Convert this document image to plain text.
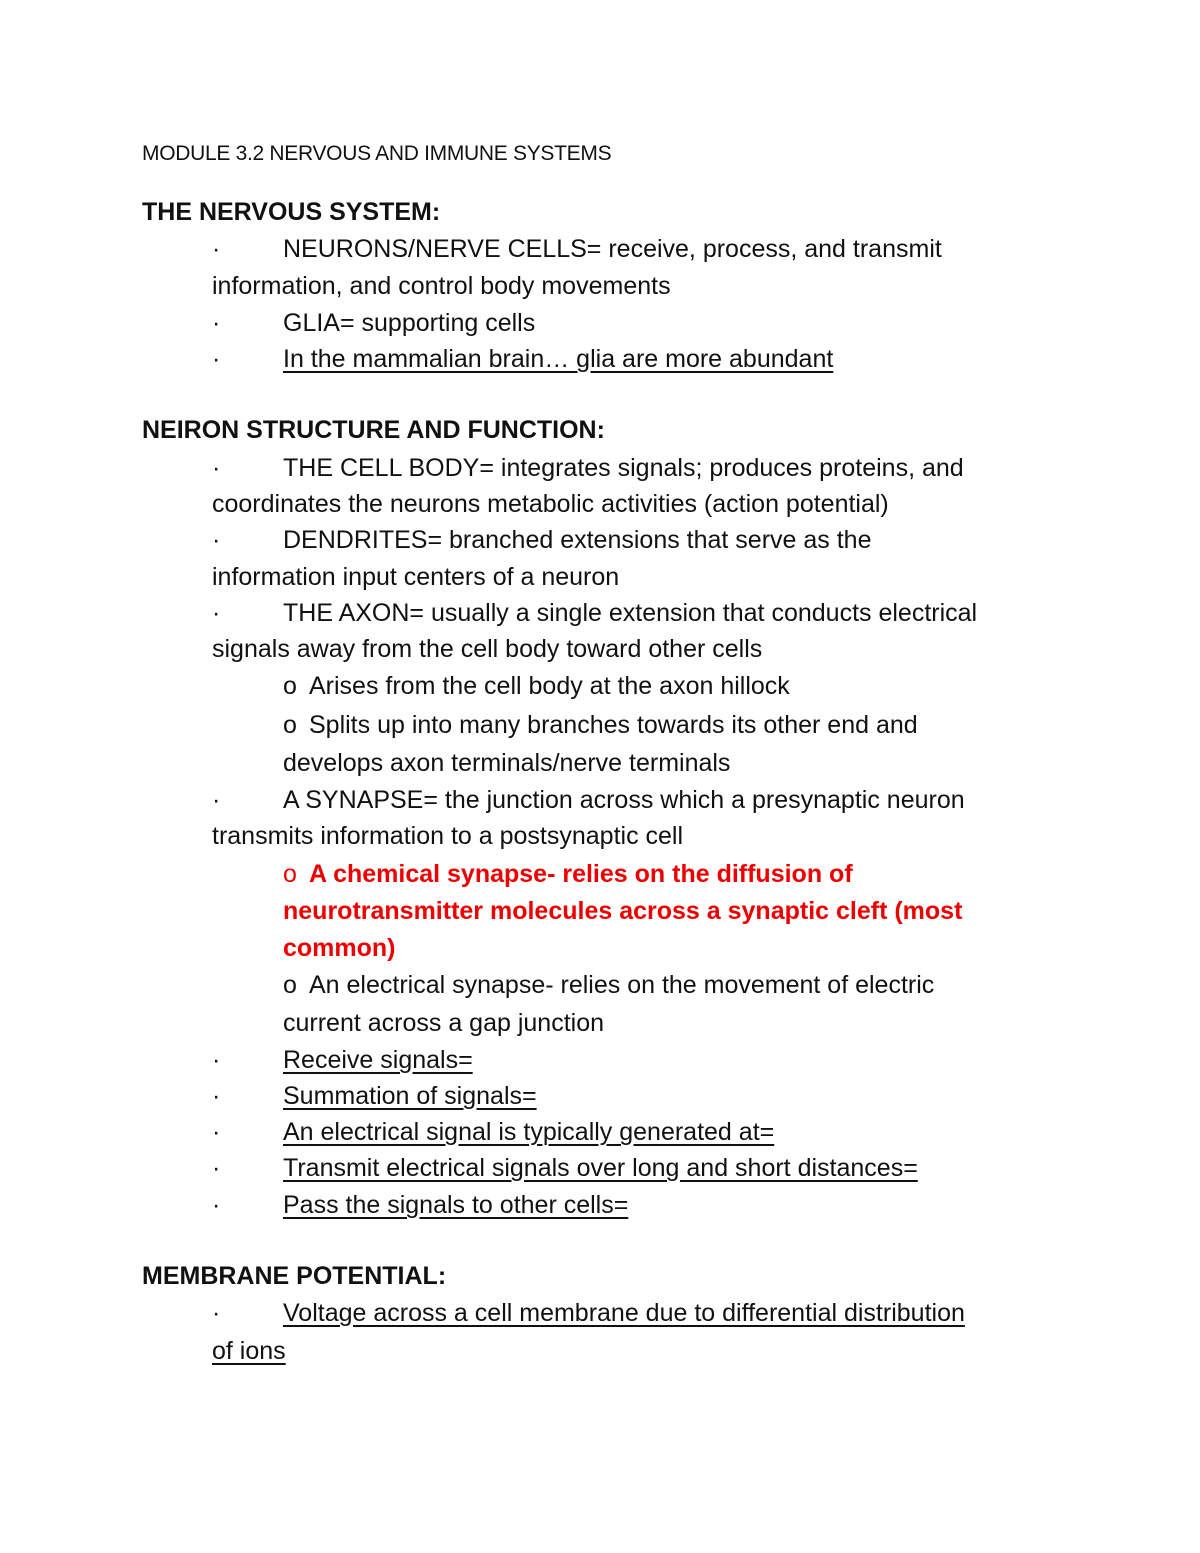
MODULE 3.2 NERVOUS AND IMMUNE SYSTEMS
THE NERVOUS SYSTEM:
·	NEURONS/NERVE CELLS= receive, process, and transmit
information, and control body movements
·	GLIA= supporting cells
·	In the mammalian brain… glia are more abundant
NEIRON STRUCTURE AND FUNCTION:
·	THE CELL BODY= integrates signals; produces proteins, and
coordinates the neurons metabolic activities (action potential)
·	DENDRITES= branched extensions that serve as the
information input centers of a neuron
·	THE AXON= usually a single extension that conducts electrical
signals away from the cell body toward other cells
o Arises from the cell body at the axon hillock
o Splits up into many branches towards its other end and
develops axon terminals/nerve terminals
·	A SYNAPSE= the junction across which a presynaptic neuron
transmits information to a postsynaptic cell
o A chemical synapse- relies on the diffusion of
neurotransmitter molecules across a synaptic cleft (most
common)
o An electrical synapse- relies on the movement of electric
current across a gap junction
·	Receive signals=
·	Summation of signals=
·	An electrical signal is typically generated at=
·	Transmit electrical signals over long and short distances=
·	Pass the signals to other cells=
MEMBRANE POTENTIAL:
·	Voltage across a cell membrane due to differential distribution
of ions
